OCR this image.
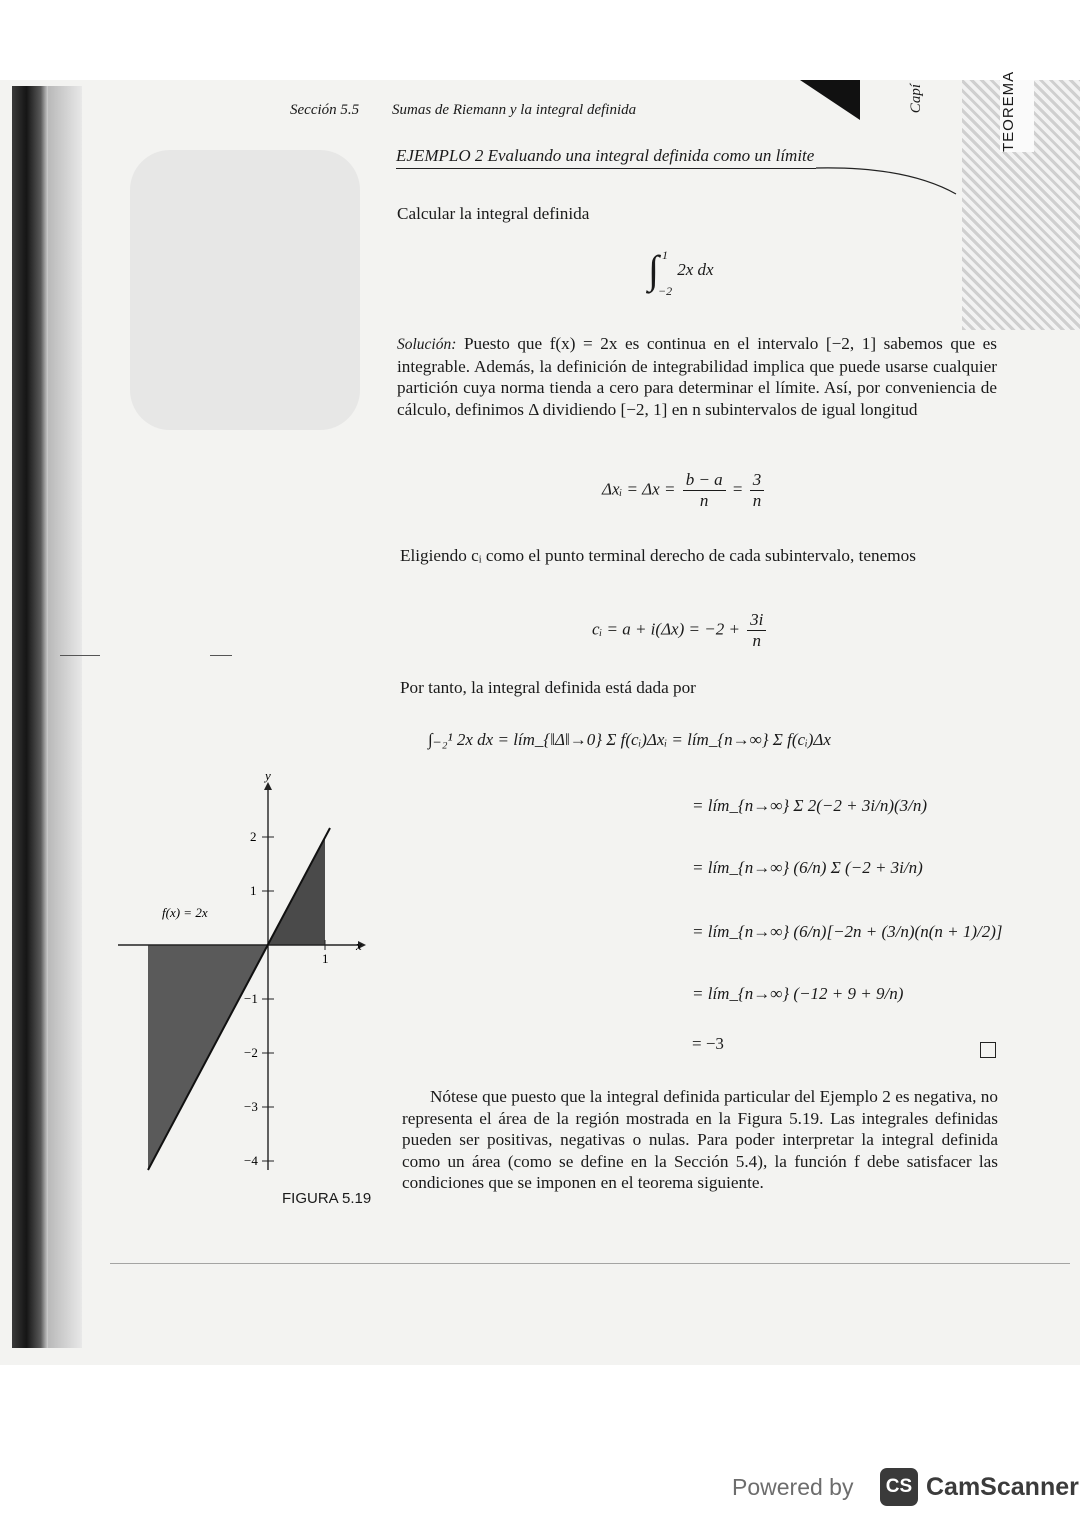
TEOREMA
Capí
Sección 5.5 Sumas de Riemann y la integral definida
EJEMPLO 2 Evaluando una integral definida como un límite
Calcular la integral definida
∫ 1
−2
2x dx
Solución: Puesto que f(x) = 2x es continua en el intervalo [−2, 1] sabemos que es integrable. Además, la definición de integrabilidad implica que puede usarse cualquier partición cuya norma tienda a cero para determinar el límite. Así, por conveniencia de cálculo, definimos Δ dividiendo [−2, 1] en n subintervalos de igual longitud
Δxᵢ = $\Delta x = \frac{b - a}{n} = \frac{3}{n}$
Eligiendo cᵢ como el punto terminal derecho de cada subintervalo, tenemos
cᵢ = $a + i(\Delta x) = -2 + \frac{3i}{n}$
Por tanto, la integral definida está dada por
∫₋₂¹ 2x dx = lím_{‖Δ‖→0} Σ f(cᵢ)Δxᵢ = lím_{n→∞} Σ f(cᵢ)Δx
= lím_{n→∞} Σ 2(−2 + 3i/n)(3/n)
= lím_{n→∞} (6/n) Σ (−2 + 3i/n)
= lím_{n→∞} (6/n)[−2n + (3/n)(n(n + 1)/2)]
= lím_{n→∞} (−12 + 9 + 9/n)
= −3
Nótese que puesto que la integral definida particular del Ejemplo 2 es negativa, no representa el área de la región mostrada en la Figura 5.19. Las integrales definidas pueden ser positivas, negativas o nulas. Para poder interpretar la integral definida como un área (como se define en la Sección 5.4), la función f debe satisfacer las condiciones que se imponen en el teorema siguiente.
2
1
−1
−2
−3
−4
1
y
x
f(x) = 2x
FIGURA 5.19
Powered by	CS CamScanner
